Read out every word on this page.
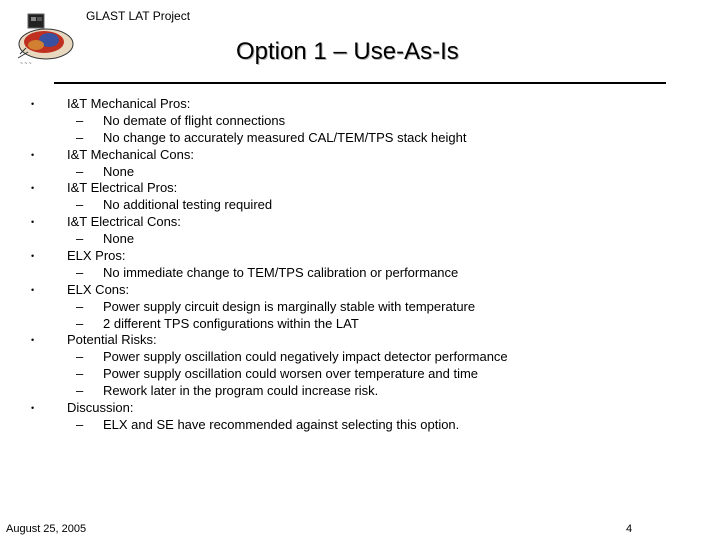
GLAST LAT Project
~ ~ ~	Option 1 – Use-As-Is
•	I&T Mechanical Pros:
– No demate of flight connections
– No change to accurately measured CAL/TEM/TPS stack height
•	I&T Mechanical Cons:
– None
•	I&T Electrical Pros:
– No additional testing required
•	I&T Electrical Cons:
– None
•	ELX Pros:
– No immediate change to TEM/TPS calibration or performance
•	ELX Cons:
– Power supply circuit design is marginally stable with temperature
– 2 different TPS configurations within the LAT
•	Potential Risks:
– Power supply oscillation could negatively impact detector performance
– Power supply oscillation could worsen over temperature and time
– Rework later in the program could increase risk.
•	Discussion:
– ELX and SE have recommended against selecting this option.
August 25, 2005	4
